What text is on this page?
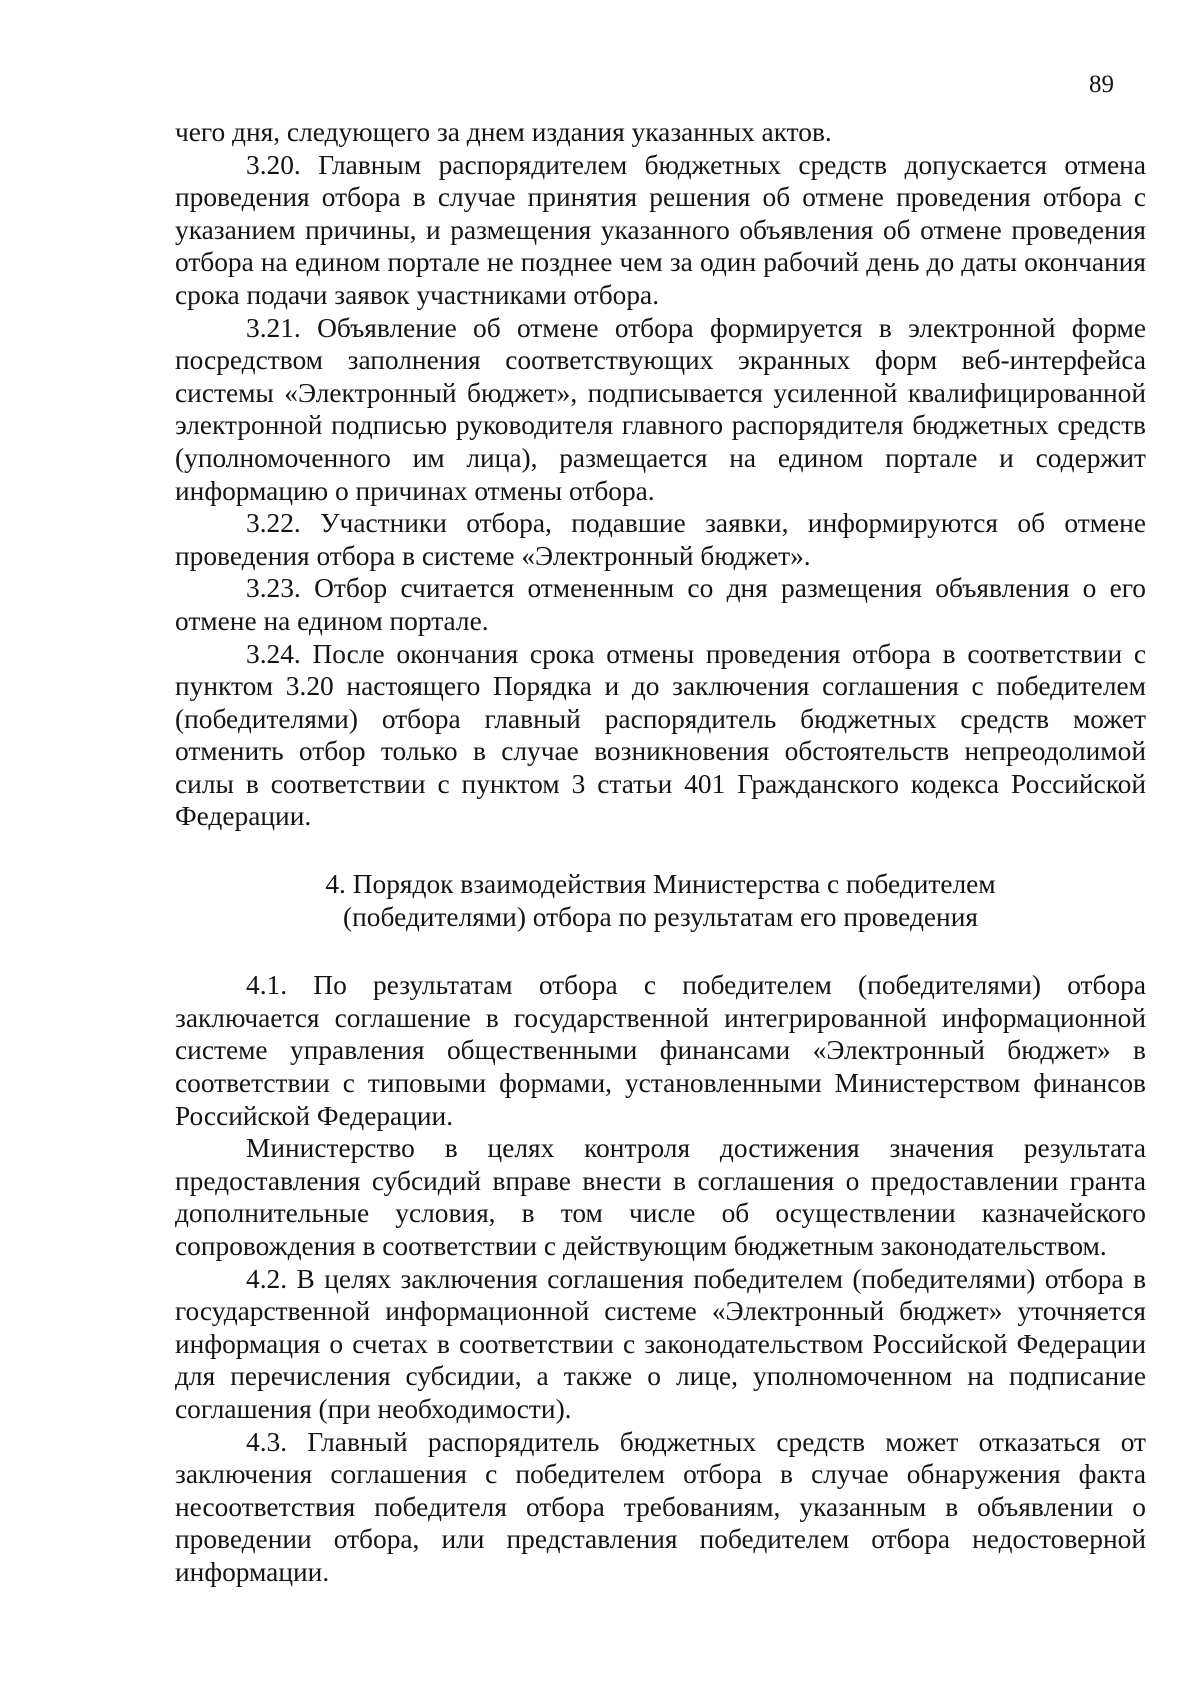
89

чего дня, следующего за днем издания указанных актов.

3.20. Главным распорядителем бюджетных средств допускается отмена проведения отбора в случае принятия решения об отмене проведения отбора с указанием причины, и размещения указанного объявления об отмене проведения отбора на едином портале не позднее чем за один рабочий день до даты окончания срока подачи заявок участниками отбора.

3.21. Объявление об отмене отбора формируется в электронной форме посредством заполнения соответствующих экранных форм веб-интерфейса системы «Электронный бюджет», подписывается усиленной квалифицированной электронной подписью руководителя главного распорядителя бюджетных средств (уполномоченного им лица), размещается на едином портале и содержит информацию о причинах отмены отбора.

3.22. Участники отбора, подавшие заявки, информируются об отмене проведения отбора в системе «Электронный бюджет».

3.23. Отбор считается отмененным со дня размещения объявления о его отмене на едином портале.

3.24. После окончания срока отмены проведения отбора в соответствии с пунктом 3.20 настоящего Порядка и до заключения соглашения с победителем (победителями) отбора главный распорядитель бюджетных средств может отменить отбор только в случае возникновения обстоятельств непреодолимой силы в соответствии с пунктом 3 статьи 401 Гражданского кодекса Российской Федерации.

4. Порядок взаимодействия Министерства с победителем
(победителями) отбора по результатам его проведения

4.1. По результатам отбора с победителем (победителями) отбора заключается соглашение в государственной интегрированной информационной системе управления общественными финансами «Электронный бюджет» в соответствии с типовыми формами, установленными Министерством финансов Российской Федерации.

Министерство в целях контроля достижения значения результата предоставления субсидий вправе внести в соглашения о предоставлении гранта дополнительные условия, в том числе об осуществлении казначейского сопровождения в соответствии с действующим бюджетным законодательством.

4.2. В целях заключения соглашения победителем (победителями) отбора в государственной информационной системе «Электронный бюджет» уточняется информация о счетах в соответствии с законодательством Российской Федерации для перечисления субсидии, а также о лице, уполномоченном на подписание соглашения (при необходимости).

4.3. Главный распорядитель бюджетных средств может отказаться от заключения соглашения с победителем отбора в случае обнаружения факта несоответствия победителя отбора требованиям, указанным в объявлении о проведении отбора, или представления победителем отбора недостоверной информации.
